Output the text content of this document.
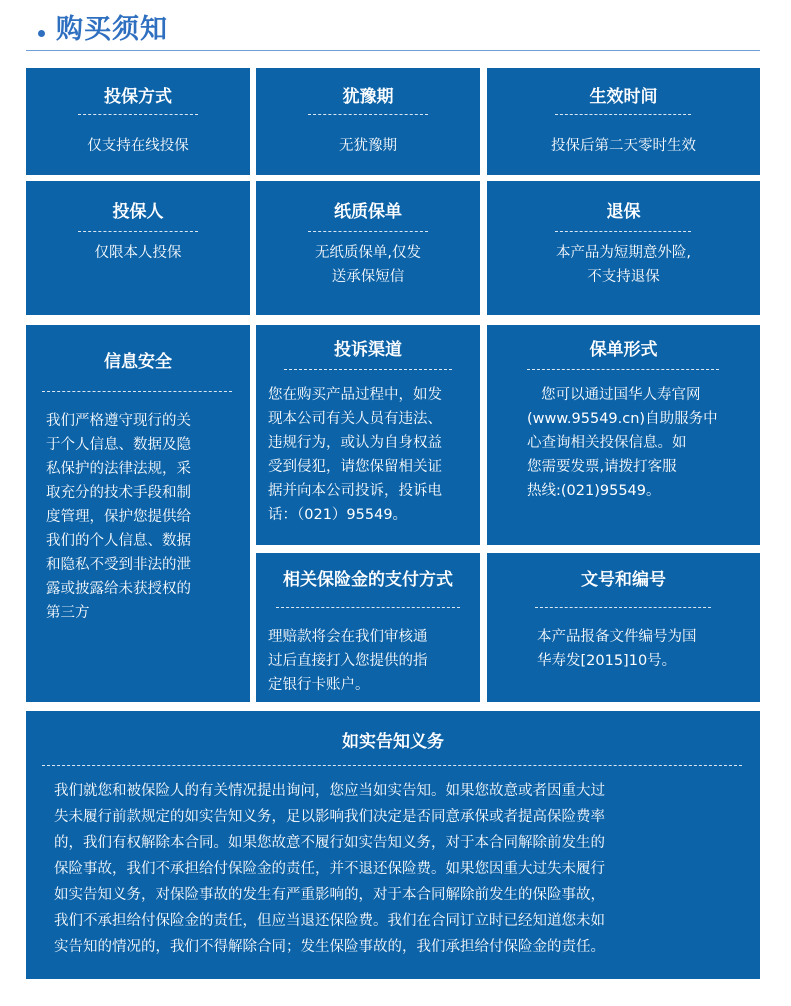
购买须知
投保方式
仅支持在线投保
犹豫期
无犹豫期
生效时间
投保后第二天零时生效
投保人
仅限本人投保
纸质保单
无纸质保单,仅发
送承保短信
退保
本产品为短期意外险,
不支持退保
信息安全
我们严格遵守现行的关
于个人信息、数据及隐
私保护的法律法规，采
取充分的技术手段和制
度管理，保护您提供给
我们的个人信息、数据
和隐私不受到非法的泄
露或披露给未获授权的
第三方
投诉渠道
您在购买产品过程中，如发
现本公司有关人员有违法、
违规行为，或认为自身权益
受到侵犯，请您保留相关证
据并向本公司投诉，投诉电
话：（021）95549。
保单形式
您可以通过国华人寿官网
(www.95549.cn)自助服务中
心查询相关投保信息。如
您需要发票,请拨打客服
热线:(021)95549。
相关保险金的支付方式
理赔款将会在我们审核通
过后直接打入您提供的指
定银行卡账户。
文号和编号
本产品报备文件编号为国
华寿发[2015]10号。
如实告知义务
我们就您和被保险人的有关情况提出询问，您应当如实告知。如果您故意或者因重大过
失未履行前款规定的如实告知义务，足以影响我们决定是否同意承保或者提高保险费率
的，我们有权解除本合同。如果您故意不履行如实告知义务，对于本合同解除前发生的
保险事故，我们不承担给付保险金的责任，并不退还保险费。如果您因重大过失未履行
如实告知义务，对保险事故的发生有严重影响的，对于本合同解除前发生的保险事故，
我们不承担给付保险金的责任，但应当退还保险费。我们在合同订立时已经知道您未如
实告知的情况的，我们不得解除合同；发生保险事故的，我们承担给付保险金的责任。
